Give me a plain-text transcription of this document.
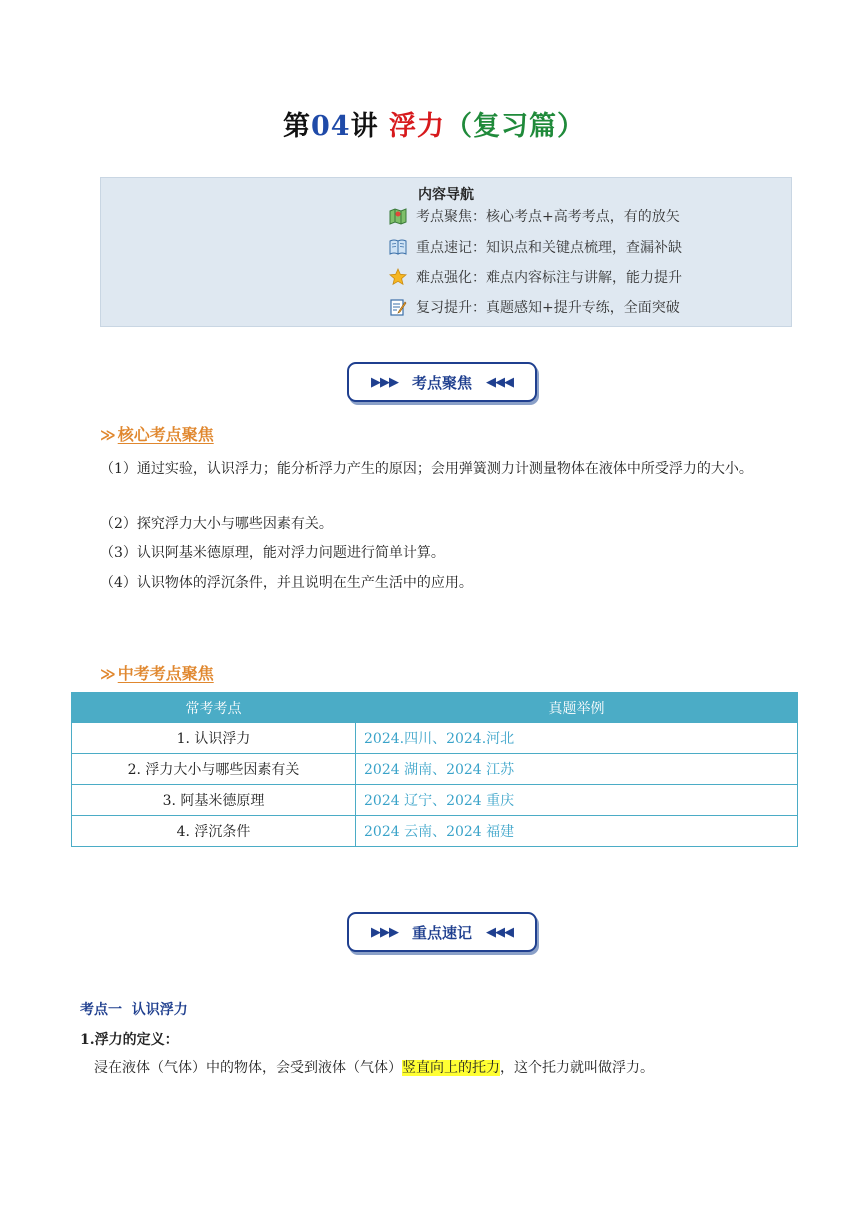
第04讲 浮力（复习篇）
内容导航
考点聚焦：核心考点+高考考点，有的放矢
重点速记：知识点和关键点梳理，查漏补缺
难点强化：难点内容标注与讲解，能力提升
复习提升：真题感知+提升专练，全面突破
▶▶▶ 考点聚焦 ◀◀◀
≫ 核心考点聚焦
（1）通过实验，认识浮力；能分析浮力产生的原因；会用弹簧测力计测量物体在液体中所受浮力的大小。
（2）探究浮力大小与哪些因素有关。
（3）认识阿基米德原理，能对浮力问题进行简单计算。
（4）认识物体的浮沉条件，并且说明在生产生活中的应用。
≫ 中考考点聚焦
常考考点	真题举例
1. 认识浮力	2024.四川、2024.河北
2. 浮力大小与哪些因素有关	2024 湖南、2024 江苏
3. 阿基米德原理	2024 辽宁、2024 重庆
4. 浮沉条件	2024 云南、2024 福建
▶▶▶ 重点速记 ◀◀◀
考点一  认识浮力
1.浮力的定义：
浸在液体（气体）中的物体，会受到液体（气体）竖直向上的托力，这个托力就叫做浮力。
